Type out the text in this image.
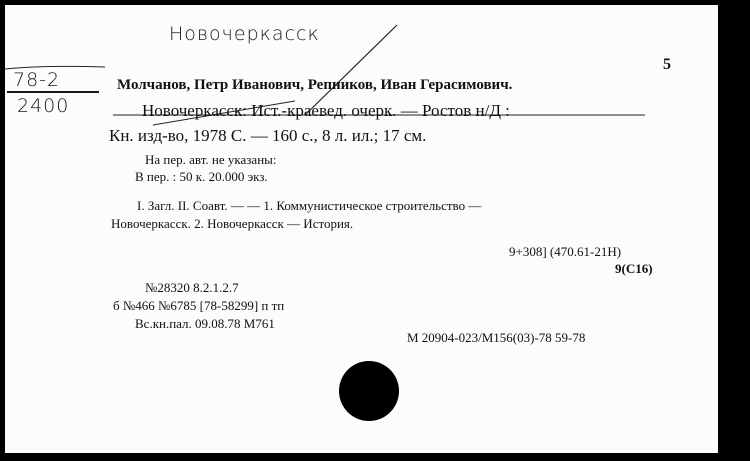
Новочеркасск
78-2
2400
5
Молчанов, Петр Иванович, Репников, Иван Герасимович.
Новочеркасск: Ист.-краевед. очерк. — Ростов н/Д :
Кн. изд-во, 1978 С. — 160 с., 8 л. ил.; 17 см.
На пер. авт. не указаны:
В пер. : 50 к. 20.000 экз.
I. Загл. II. Соавт. — — 1. Коммунистическое строительство —
Новочеркасск. 2. Новочеркасск — История.
9+308] (470.61-21Н)
9(С16)
№28320 8.2.1.2.7
б №466 №6785 [78-58299] п тп
Вс.кн.пал. 09.08.78 М761
М 20904-023/М156(03)-78 59-78
